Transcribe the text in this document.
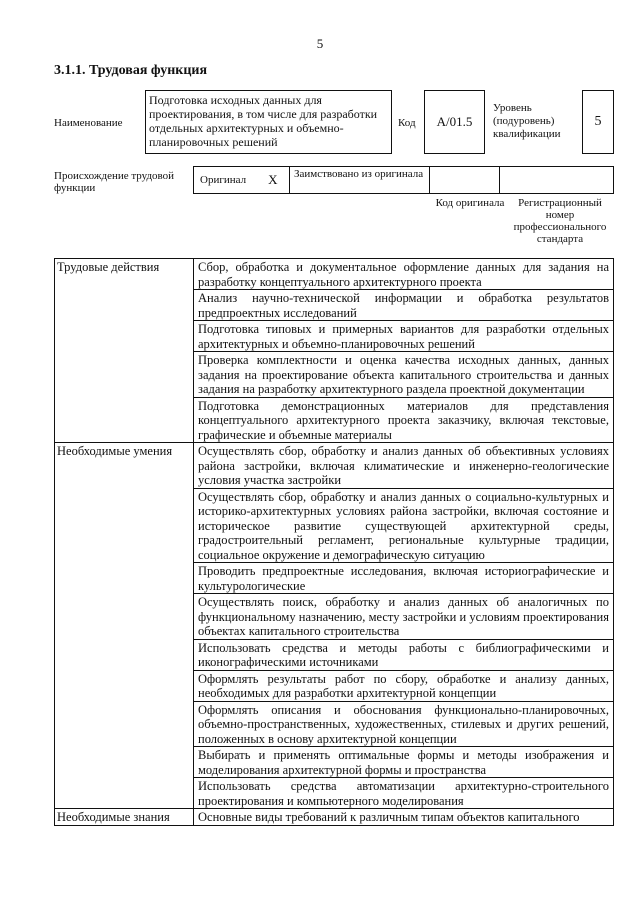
5
3.1.1. Трудовая функция
Наименование
Подготовка исходных данных для проектирования, в том числе для разработки отдельных архитектурных и объемно-планировочных решений
Код	А/01.5
Уровень (подуровень) квалификации
5
Происхождение трудовой функции
Оригинал X	Заимствовано из оригинала
Код оригинала	Регистрационный номер профессионального стандарта
Трудовые действия	Сбор, обработка и документальное оформление данных для задания на разработку концептуального архитектурного проекта
	Анализ научно-технической информации и обработка результатов предпроектных исследований
	Подготовка типовых и примерных вариантов для разработки отдельных архитектурных и объемно-планировочных решений
	Проверка комплектности и оценка качества исходных данных, данных задания на проектирование объекта капитального строительства и данных задания на разработку архитектурного раздела проектной документации
	Подготовка демонстрационных материалов для представления концептуального архитектурного проекта заказчику, включая текстовые, графические и объемные материалы
Необходимые умения	Осуществлять сбор, обработку и анализ данных об объективных условиях района застройки, включая климатические и инженерно-геологические условия участка застройки
	Осуществлять сбор, обработку и анализ данных о социально-культурных и историко-архитектурных условиях района застройки, включая состояние и историческое развитие существующей архитектурной среды, градостроительный регламент, региональные культурные традиции, социальное окружение и демографическую ситуацию
	Проводить предпроектные исследования, включая историографические и культурологические
	Осуществлять поиск, обработку и анализ данных об аналогичных по функциональному назначению, месту застройки и условиям проектирования объектах капитального строительства
	Использовать средства и методы работы с библиографическими и иконографическими источниками
	Оформлять результаты работ по сбору, обработке и анализу данных, необходимых для разработки архитектурной концепции
	Оформлять описания и обоснования функционально-планировочных, объемно-пространственных, художественных, стилевых и других решений, положенных в основу архитектурной концепции
	Выбирать и применять оптимальные формы и методы изображения и моделирования архитектурной формы и пространства
	Использовать средства автоматизации архитектурно-строительного проектирования и компьютерного моделирования
Необходимые знания	Основные виды требований к различным типам объектов капитального
